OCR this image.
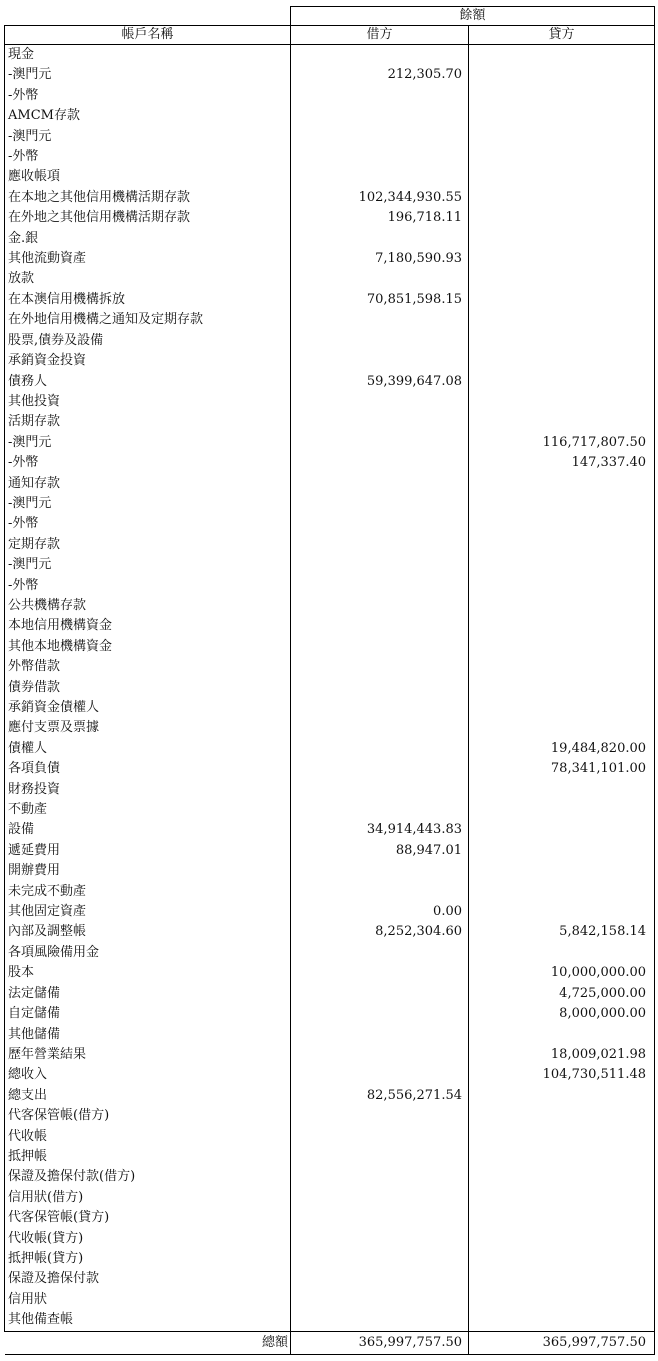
	餘額	
帳戶名稱	借方	貸方
現金		
-澳門元	212,305.70	
-外幣		
AMCM存款		
-澳門元		
-外幣		
應收帳項		
在本地之其他信用機構活期存款	102,344,930.55	
在外地之其他信用機構活期存款	196,718.11	
金.銀		
其他流動資產	7,180,590.93	
放款		
在本澳信用機構拆放	70,851,598.15	
在外地信用機構之通知及定期存款		
股票,債券及設備		
承銷資金投資		
債務人	59,399,647.08	
其他投資		
活期存款		
-澳門元		116,717,807.50
-外幣		147,337.40
通知存款		
-澳門元		
-外幣		
定期存款		
-澳門元		
-外幣		
公共機構存款		
本地信用機構資金		
其他本地機構資金		
外幣借款		
債券借款		
承銷資金債權人		
應付支票及票據		
債權人		19,484,820.00
各項負債		78,341,101.00
財務投資		
不動產		
設備	34,914,443.83	
遞延費用	88,947.01	
開辦費用		
未完成不動產		
其他固定資產	0.00	
內部及調整帳	8,252,304.60	5,842,158.14
各項風險備用金		
股本		10,000,000.00
法定儲備		4,725,000.00
自定儲備		8,000,000.00
其他儲備		
歷年營業結果		18,009,021.98
總收入		104,730,511.48
總支出	82,556,271.54	
代客保管帳(借方)		
代收帳		
抵押帳		
保證及擔保付款(借方)		
信用狀(借方)		
代客保管帳(貸方)		
代收帳(貸方)		
抵押帳(貸方)		
保證及擔保付款		
信用狀		
其他備查帳		
總額	365,997,757.50	365,997,757.50
